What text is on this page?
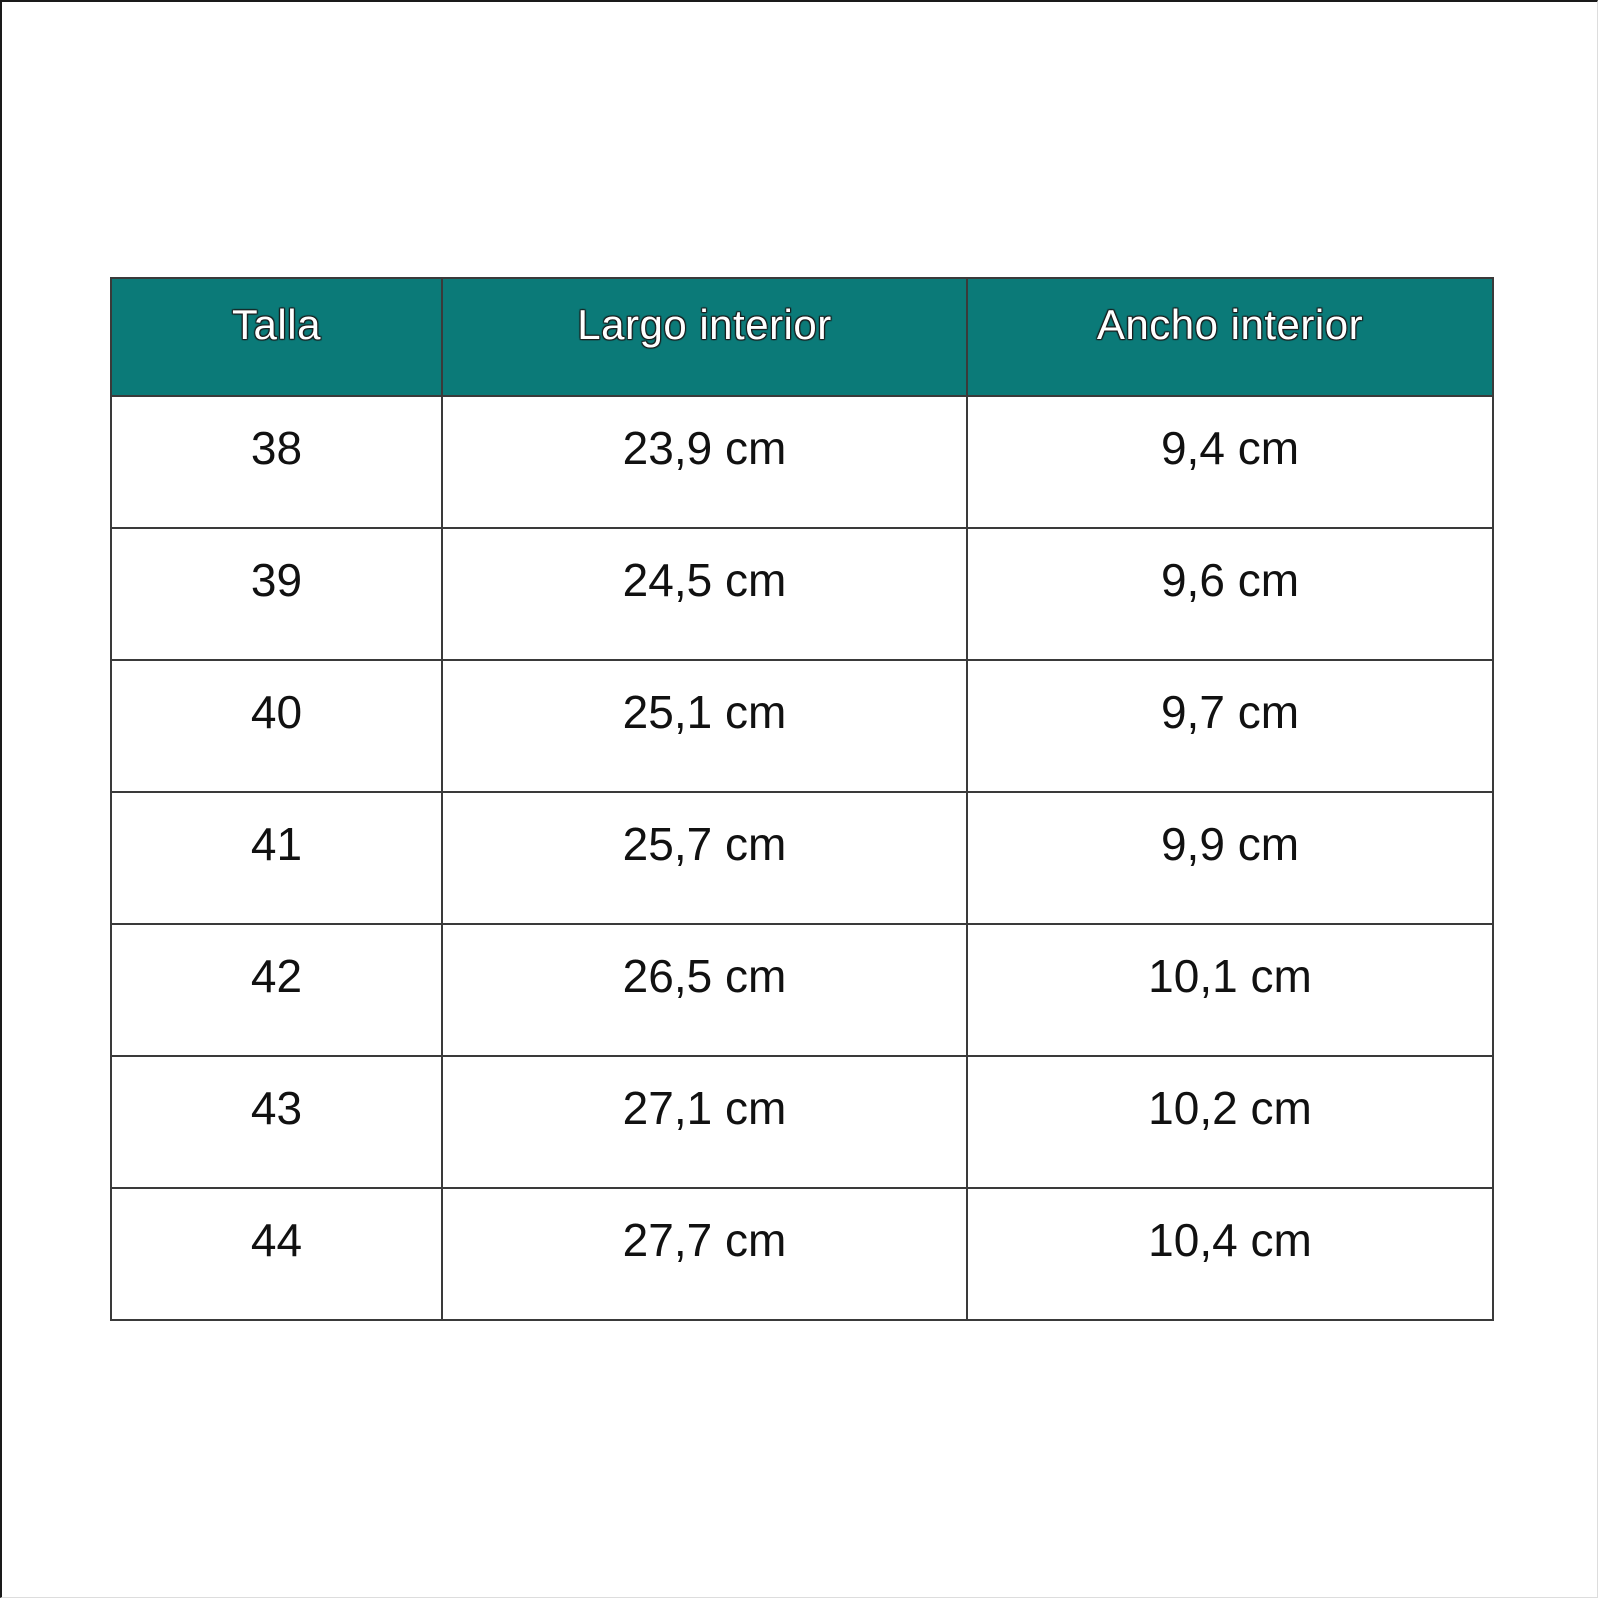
Talla	Largo interior	Ancho interior
38	23,9 cm	9,4 cm
39	24,5 cm	9,6 cm
40	25,1 cm	9,7 cm
41	25,7 cm	9,9 cm
42	26,5 cm	10,1 cm
43	27,1 cm	10,2 cm
44	27,7 cm	10,4 cm
